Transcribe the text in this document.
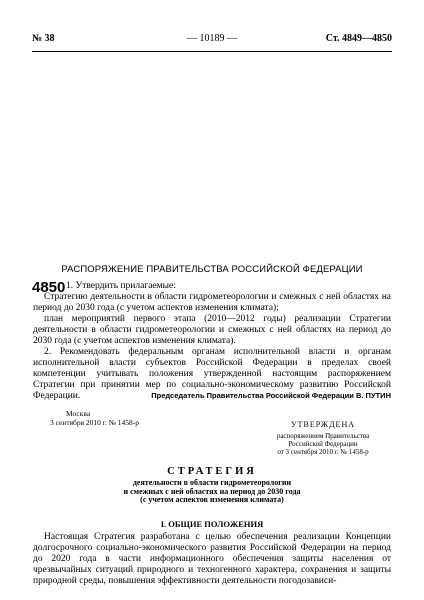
№ 38	— 10189 —	Ст. 4849—4850
РАСПОРЯЖЕНИЕ ПРАВИТЕЛЬСТВА РОССИЙСКОЙ ФЕДЕРАЦИИ
4850 1. Утвердить прилагаемые:
Стратегию деятельности в области гидрометеорологии и смежных с ней областях на период до 2030 года (с учетом аспектов изменения климата);
план мероприятий первого этапа (2010—2012 годы) реализации Стратегии деятельности в области гидрометеорологии и смежных с ней областях на период до 2030 года (с учетом аспектов изменения климата).
2. Рекомендовать федеральным органам исполнительной власти и органам исполнительной власти субъектов Российской Федерации в пределах своей компетенции учитывать положения утвержденной настоящим распоряжением Стратегии при принятии мер по социально-экономическому развитию Российской Федерации.	Председатель Правительства Российской Федерации В. ПУТИН
Москва
3 сентября 2010 г. № 1458-р	УТВЕРЖДЕНА
распоряжением Правительства
Российской Федерации
от 3 сентября 2010 г. № 1458-р
СТРАТЕГИЯ
деятельности в области гидрометеорологии
и смежных с ней областях на период до 2030 года
(с учетом аспектов изменения климата)
I. ОБЩИЕ ПОЛОЖЕНИЯ
Настоящая Стратегия разработана с целью обеспечения реализации Концепции долгосрочного социально-экономического развития Российской Федерации на период до 2020 года в части информационного обеспечения защиты населения от чрезвычайных ситуаций природного и техногенного характера, сохранения и защиты природной среды, повышения эффективности деятельности погодозависи-
